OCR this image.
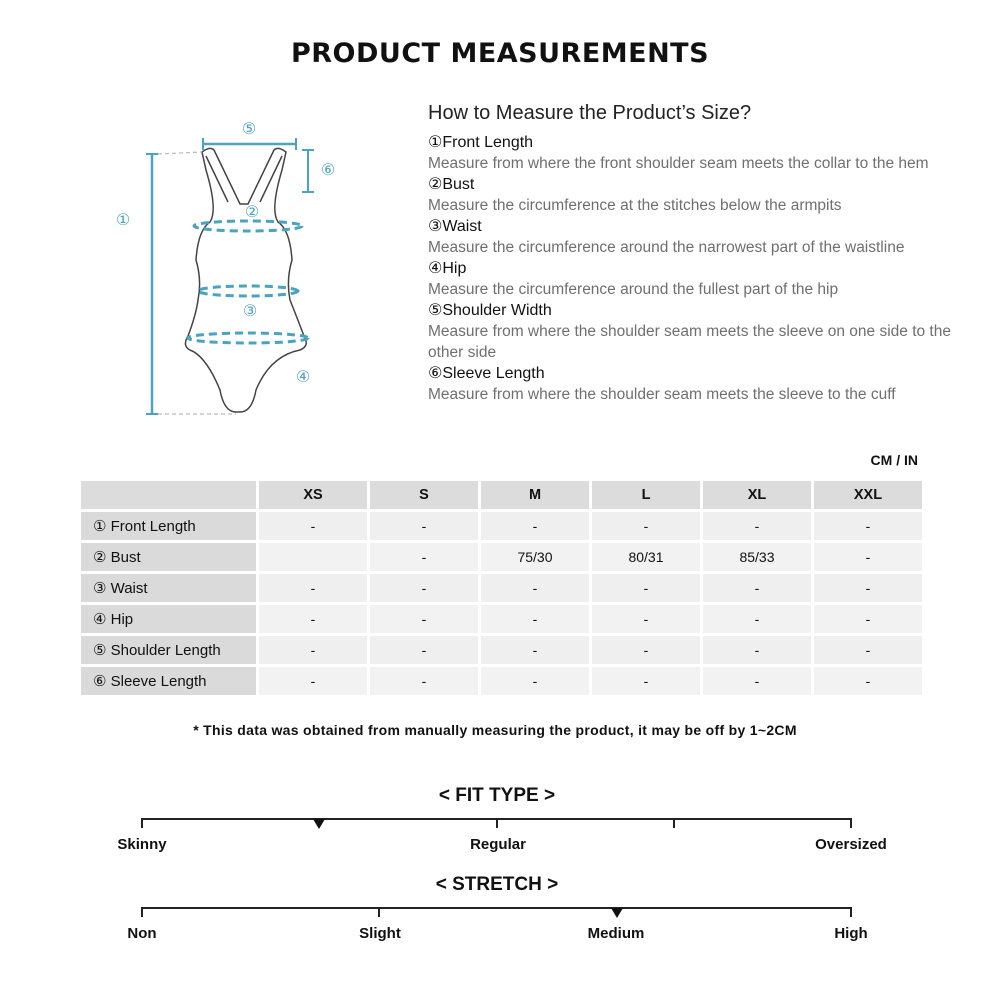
PRODUCT MEASUREMENTS
①	②
③
④
⑤
⑥
How to Measure the Product’s Size?
①Front Length
Measure from where the front shoulder seam meets the collar to the hem
②Bust
Measure the circumference at the stitches below the armpits
③Waist
Measure the circumference around the narrowest part of the waistline
④Hip
Measure the circumference around the fullest part of the hip
⑤Shoulder Width
Measure from where the shoulder seam meets the sleeve on one side to the other side
⑥Sleeve Length
Measure from where the shoulder seam meets the sleeve to the cuff
CM / IN
	XS	S	M	L	XL	XXL
① Front Length	-	-	-	-	-	-
② Bust		-	75/30	80/31	85/33	-
③ Waist	-	-	-	-	-	-
④ Hip	-	-	-	-	-	-
⑤ Shoulder Length	-	-	-	-	-	-
⑥ Sleeve Length	-	-	-	-	-	-
* This data was obtained from manually measuring the product, it may be off by 1~2CM
< FIT TYPE >
Skinny	Regular	Oversized
< STRETCH >
Non	Slight	Medium	High
